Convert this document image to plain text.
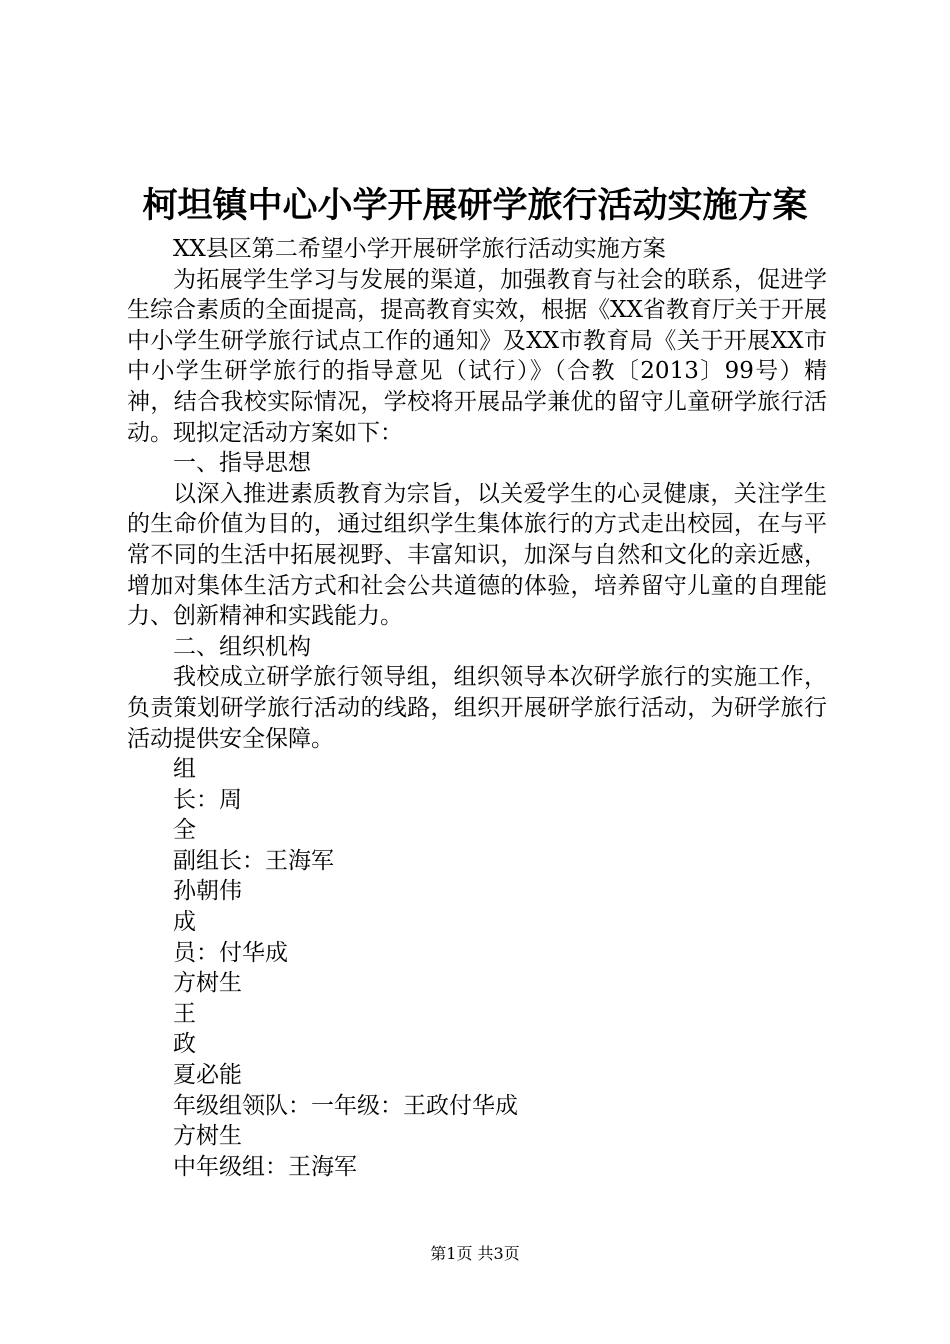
柯坦镇中心小学开展研学旅行活动实施方案

XX县区第二希望小学开展研学旅行活动实施方案

为拓展学生学习与发展的渠道，加强教育与社会的联系，促进学生综合素质的全面提高，提高教育实效，根据《XX省教育厅关于开展中小学生研学旅行试点工作的通知》及XX市教育局《关于开展XX市中小学生研学旅行的指导意见（试行）》（合教〔2013〕99号）精神，结合我校实际情况，学校将开展品学兼优的留守儿童研学旅行活动。现拟定活动方案如下：

一、指导思想

以深入推进素质教育为宗旨，以关爱学生的心灵健康，关注学生的生命价值为目的，通过组织学生集体旅行的方式走出校园，在与平常不同的生活中拓展视野、丰富知识，加深与自然和文化的亲近感，增加对集体生活方式和社会公共道德的体验，培养留守儿童的自理能力、创新精神和实践能力。

二、组织机构

我校成立研学旅行领导组，组织领导本次研学旅行的实施工作，负责策划研学旅行活动的线路，组织开展研学旅行活动，为研学旅行活动提供安全保障。

组

长：周

全

副组长：王海军

孙朝伟

成

员：付华成

方树生

王

政

夏必能

年级组领队：一年级：王政付华成

方树生

中年级组：王海军

第1页 共3页
